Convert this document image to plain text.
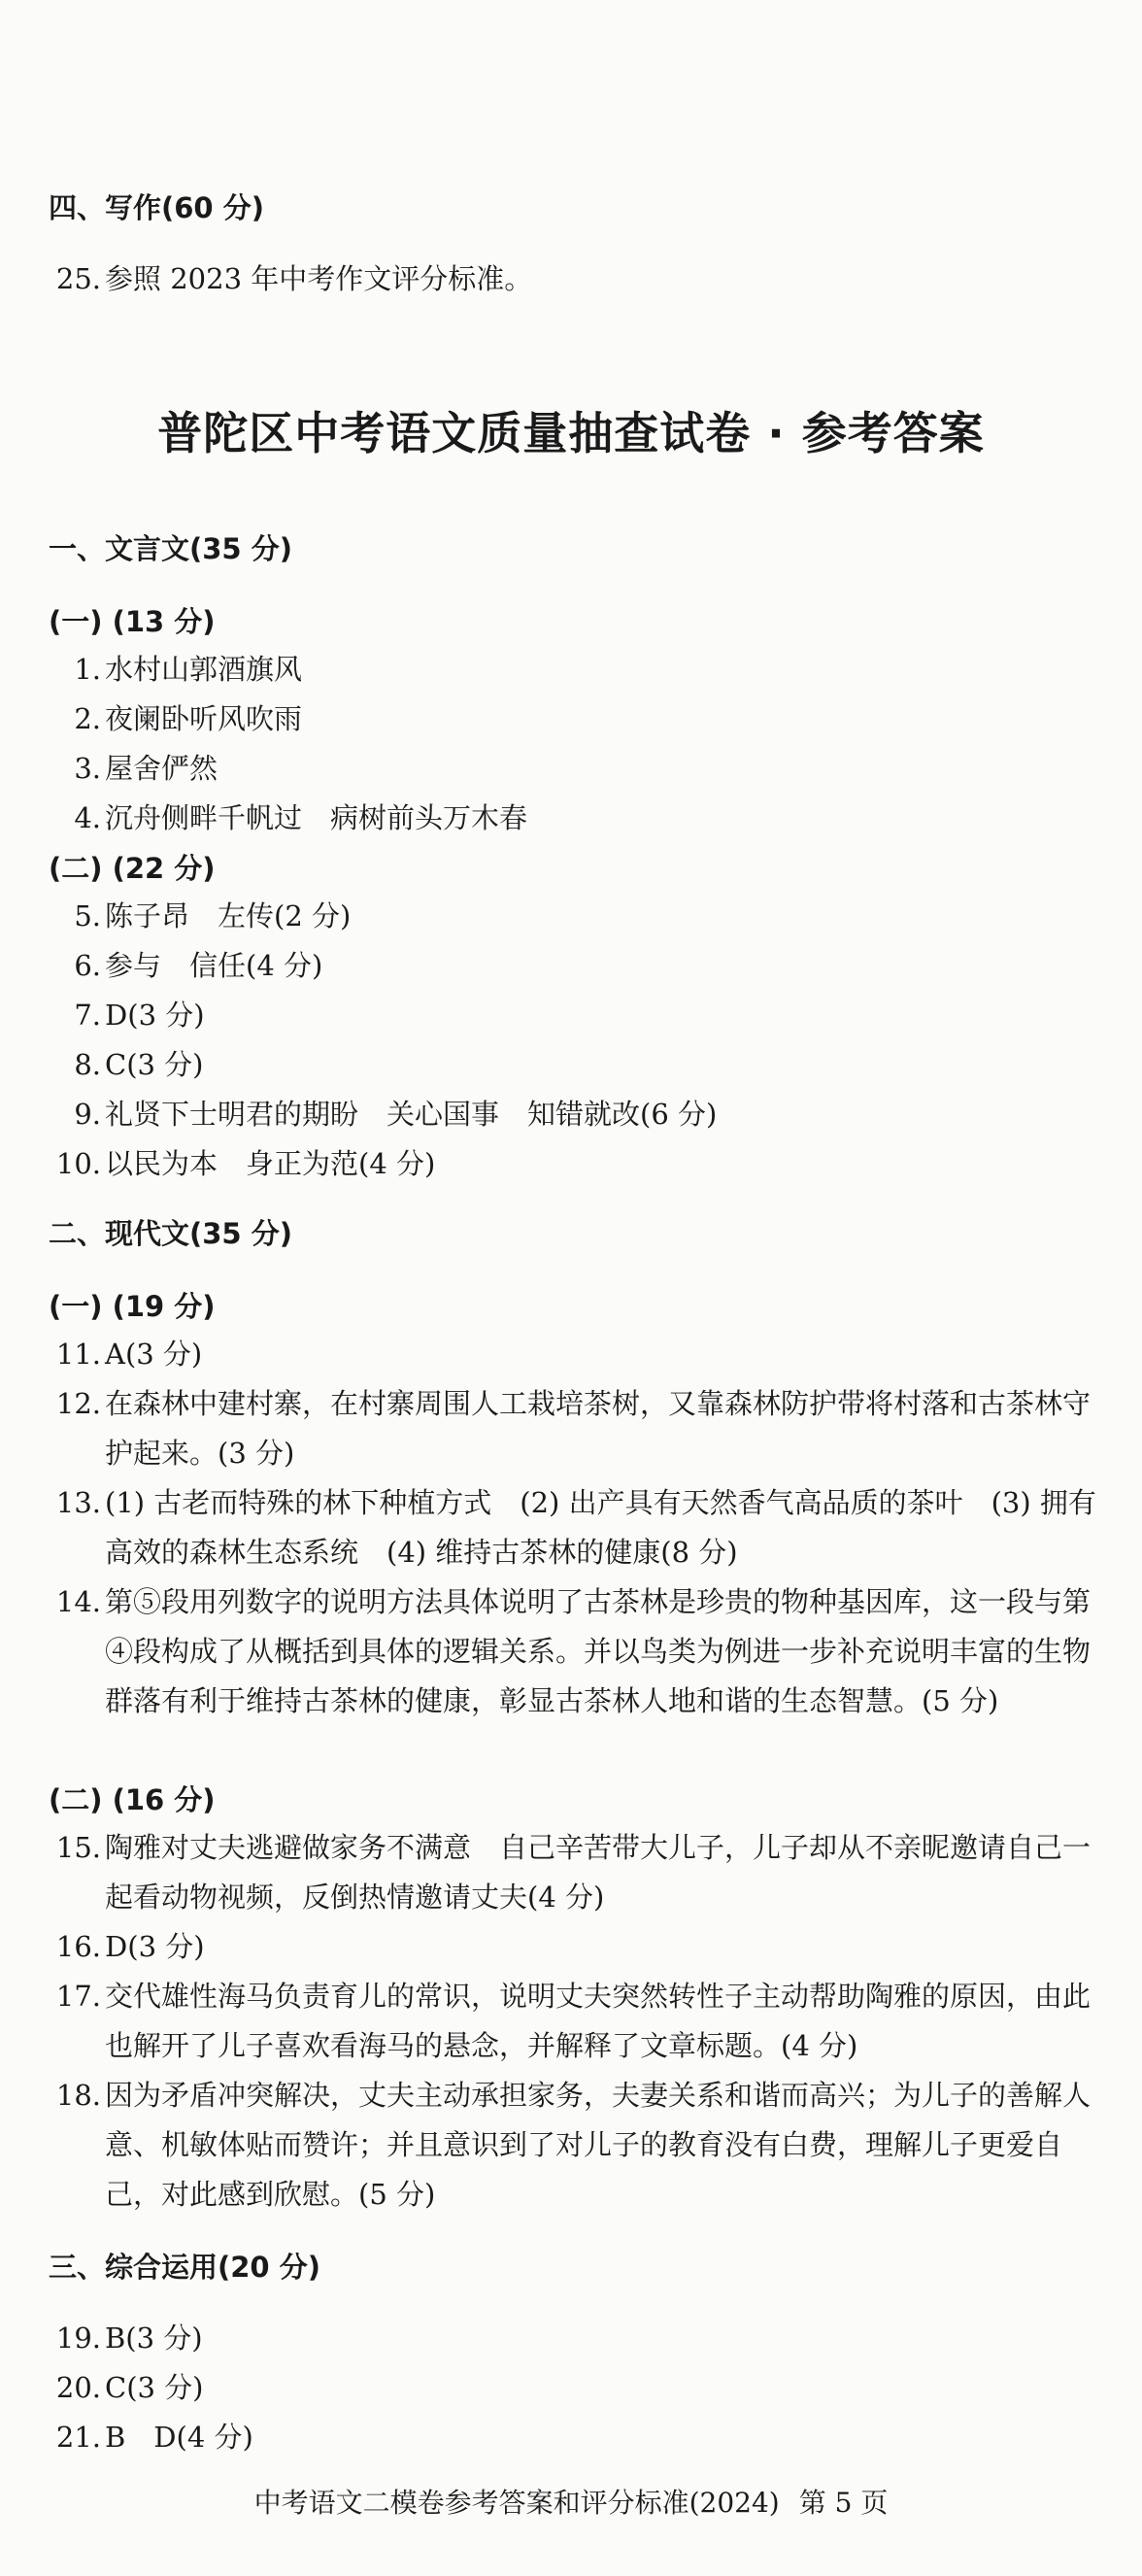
四、写作(60 分)
25. 参照 2023 年中考作文评分标准。
普陀区中考语文质量抽查试卷 · 参考答案
一、文言文(35 分)
(一) (13 分)
1. 水村山郭酒旗风
2. 夜阑卧听风吹雨
3. 屋舍俨然
4. 沉舟侧畔千帆过　病树前头万木春
(二) (22 分)
5. 陈子昂　左传(2 分)
6. 参与　信任(4 分)
7. D(3 分)
8. C(3 分)
9. 礼贤下士明君的期盼　关心国事　知错就改(6 分)
10. 以民为本　身正为范(4 分)
二、现代文(35 分)
(一) (19 分)
11. A(3 分)
12. 在森林中建村寨，在村寨周围人工栽培茶树，又靠森林防护带将村落和古茶林守护起来。(3 分)
13. (1) 古老而特殊的林下种植方式　(2) 出产具有天然香气高品质的茶叶　(3) 拥有高效的森林生态系统　(4) 维持古茶林的健康(8 分)
14. 第⑤段用列数字的说明方法具体说明了古茶林是珍贵的物种基因库，这一段与第④段构成了从概括到具体的逻辑关系。并以鸟类为例进一步补充说明丰富的生物群落有利于维持古茶林的健康，彰显古茶林人地和谐的生态智慧。(5 分)
(二) (16 分)
15. 陶雅对丈夫逃避做家务不满意　自己辛苦带大儿子，儿子却从不亲昵邀请自己一起看动物视频，反倒热情邀请丈夫(4 分)
16. D(3 分)
17. 交代雄性海马负责育儿的常识，说明丈夫突然转性子主动帮助陶雅的原因，由此也解开了儿子喜欢看海马的悬念，并解释了文章标题。(4 分)
18. 因为矛盾冲突解决，丈夫主动承担家务，夫妻关系和谐而高兴；为儿子的善解人意、机敏体贴而赞许；并且意识到了对儿子的教育没有白费，理解儿子更爱自己，对此感到欣慰。(5 分)
三、综合运用(20 分)
19. B(3 分)
20. C(3 分)
21. B　D(4 分)
中考语文二模卷参考答案和评分标准(2024) 第 5 页
